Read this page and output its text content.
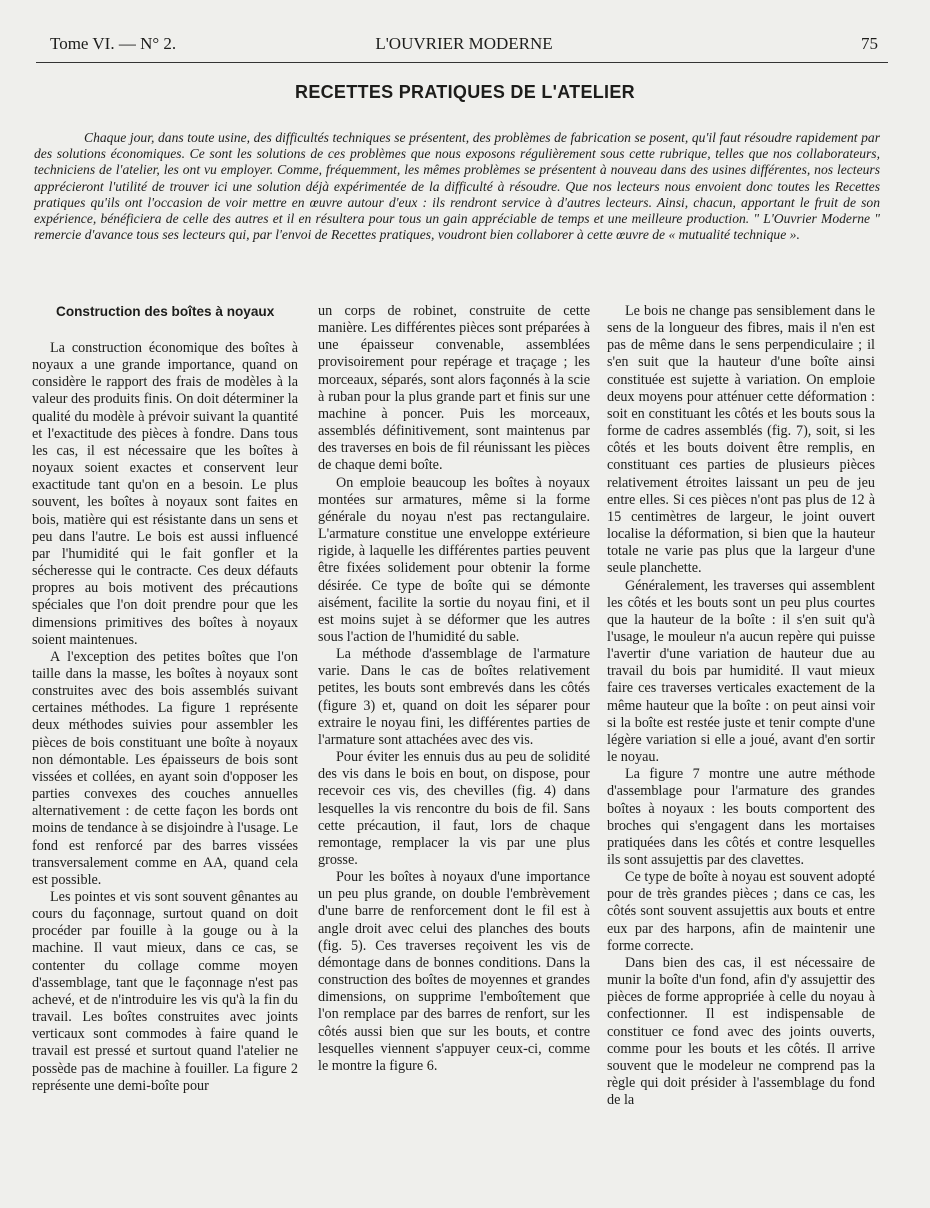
Tome VI. — N° 2.	L'OUVRIER MODERNE	75
RECETTES PRATIQUES DE L'ATELIER

Chaque jour, dans toute usine, des difficultés techniques se présentent, des problèmes de fabrication se posent, qu'il faut résoudre rapidement par des solutions économiques. Ce sont les solutions de ces problèmes que nous exposons régulièrement sous cette rubrique, telles que nos collaborateurs, techniciens de l'atelier, les ont vu employer. Comme, fréquemment, les mêmes problèmes se présentent à nouveau dans des usines différentes, nos lecteurs apprécieront l'utilité de trouver ici une solution déjà expérimentée de la difficulté à résoudre. Que nos lecteurs nous envoient donc toutes les Recettes pratiques qu'ils ont l'occasion de voir mettre en œuvre autour d'eux : ils rendront service à d'autres lecteurs. Ainsi, chacun, apportant le fruit de son expérience, bénéficiera de celle des autres et il en résultera pour tous un gain appréciable de temps et une meilleure production. " L'Ouvrier Moderne " remercie d'avance tous ses lecteurs qui, par l'envoi de Recettes pratiques, voudront bien collaborer à cette œuvre de « mutualité technique ».

Construction des boîtes à noyaux

La construction économique des boîtes à noyaux a une grande importance, quand on considère le rapport des frais de modèles à la valeur des produits finis. On doit déterminer la qualité du modèle à prévoir suivant la quantité et l'exactitude des pièces à fondre. Dans tous les cas, il est nécessaire que les boîtes à noyaux soient exactes et conservent leur exactitude tant qu'on en a besoin. Le plus souvent, les boîtes à noyaux sont faites en bois, matière qui est résistante dans un sens et peu dans l'autre. Le bois est aussi influencé par l'humidité qui le fait gonfler et la sécheresse qui le contracte. Ces deux défauts propres au bois motivent des précautions spéciales que l'on doit prendre pour que les dimensions primitives des boîtes à noyaux soient maintenues.

A l'exception des petites boîtes que l'on taille dans la masse, les boîtes à noyaux sont construites avec des bois assemblés suivant certaines méthodes. La figure 1 représente deux méthodes suivies pour assembler les pièces de bois constituant une boîte à noyaux non démontable. Les épaisseurs de bois sont vissées et collées, en ayant soin d'opposer les parties convexes des couches annuelles alternativement : de cette façon les bords ont moins de tendance à se disjoindre à l'usage. Le fond est renforcé par des barres vissées transversalement comme en AA, quand cela est possible.

Les pointes et vis sont souvent gênantes au cours du façonnage, surtout quand on doit procéder par fouille à la gouge ou à la machine. Il vaut mieux, dans ce cas, se contenter du collage comme moyen d'assemblage, tant que le façonnage n'est pas achevé, et de n'introduire les vis qu'à la fin du travail. Les boîtes construites avec joints verticaux sont commodes à faire quand le travail est pressé et surtout quand l'atelier ne possède pas de machine à fouiller. La figure 2 représente une demi-boîte pour

un corps de robinet, construite de cette manière. Les différentes pièces sont préparées à une épaisseur convenable, assemblées provisoirement pour repérage et traçage ; les morceaux, séparés, sont alors façonnés à la scie à ruban pour la plus grande part et finis sur une machine à poncer. Puis les morceaux, assemblés définitivement, sont maintenus par des traverses en bois de fil réunissant les pièces de chaque demi boîte.

On emploie beaucoup les boîtes à noyaux montées sur armatures, même si la forme générale du noyau n'est pas rectangulaire. L'armature constitue une enveloppe extérieure rigide, à laquelle les différentes parties peuvent être fixées solidement pour obtenir la forme désirée. Ce type de boîte qui se démonte aisément, facilite la sortie du noyau fini, et il est moins sujet à se déformer que les autres sous l'action de l'humidité du sable.

La méthode d'assemblage de l'armature varie. Dans le cas de boîtes relativement petites, les bouts sont embrevés dans les côtés (figure 3) et, quand on doit les séparer pour extraire le noyau fini, les différentes parties de l'armature sont attachées avec des vis.

Pour éviter les ennuis dus au peu de solidité des vis dans le bois en bout, on dispose, pour recevoir ces vis, des chevilles (fig. 4) dans lesquelles la vis rencontre du bois de fil. Sans cette précaution, il faut, lors de chaque remontage, remplacer la vis par une plus grosse.

Pour les boîtes à noyaux d'une importance un peu plus grande, on double l'embrèvement d'une barre de renforcement dont le fil est à angle droit avec celui des planches des bouts (fig. 5). Ces traverses reçoivent les vis de démontage dans de bonnes conditions. Dans la construction des boîtes de moyennes et grandes dimensions, on supprime l'emboîtement que l'on remplace par des barres de renfort, sur les côtés aussi bien que sur les bouts, et contre lesquelles viennent s'appuyer ceux-ci, comme le montre la figure 6.

Le bois ne change pas sensiblement dans le sens de la longueur des fibres, mais il n'en est pas de même dans le sens perpendiculaire ; il s'en suit que la hauteur d'une boîte ainsi constituée est sujette à variation. On emploie deux moyens pour atténuer cette déformation : soit en constituant les côtés et les bouts sous la forme de cadres assemblés (fig. 7), soit, si les côtés et les bouts doivent être remplis, en constituant ces parties de plusieurs pièces relativement étroites laissant un peu de jeu entre elles. Si ces pièces n'ont pas plus de 12 à 15 centimètres de largeur, le joint ouvert localise la déformation, si bien que la hauteur totale ne varie pas plus que la largeur d'une seule planchette.

Généralement, les traverses qui assemblent les côtés et les bouts sont un peu plus courtes que la hauteur de la boîte : il s'en suit qu'à l'usage, le mouleur n'a aucun repère qui puisse l'avertir d'une variation de hauteur due au travail du bois par humidité. Il vaut mieux faire ces traverses verticales exactement de la même hauteur que la boîte : on peut ainsi voir si la boîte est restée juste et tenir compte d'une légère variation si elle a joué, avant d'en sortir le noyau.

La figure 7 montre une autre méthode d'assemblage pour l'armature des grandes boîtes à noyaux : les bouts comportent des broches qui s'engagent dans les mortaises pratiquées dans les côtés et contre lesquelles ils sont assujettis par des clavettes.

Ce type de boîte à noyau est souvent adopté pour de très grandes pièces ; dans ce cas, les côtés sont souvent assujettis aux bouts et entre eux par des harpons, afin de maintenir une forme correcte.

Dans bien des cas, il est nécessaire de munir la boîte d'un fond, afin d'y assujettir des pièces de forme appropriée à celle du noyau à confectionner. Il est indispensable de constituer ce fond avec des joints ouverts, comme pour les bouts et les côtés. Il arrive souvent que le modeleur ne comprend pas la règle qui doit présider à l'assemblage du fond de la
